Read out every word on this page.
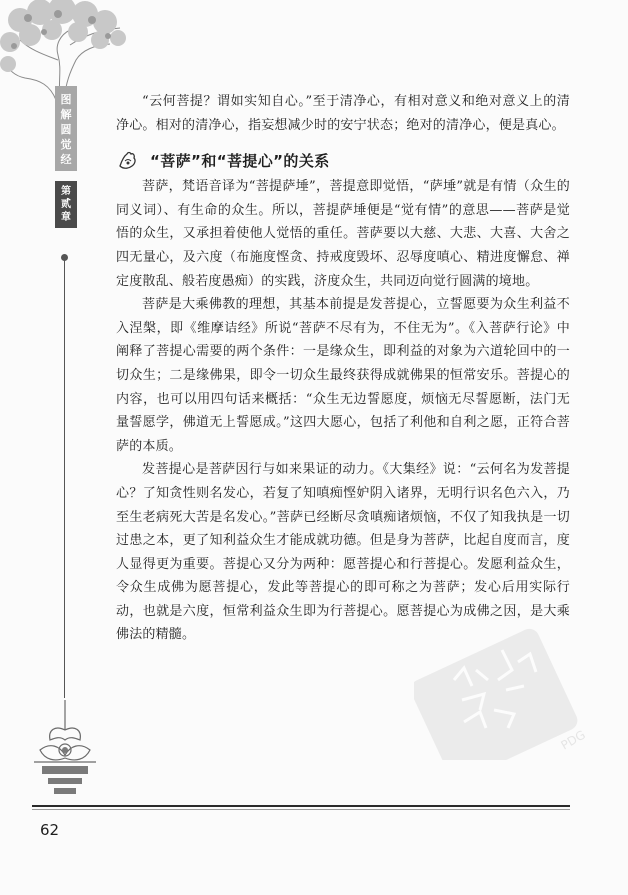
图
解
圆
觉
经
第
贰
章

“云何菩提？谓如实知自心。”至于清净心，有相对意义和绝对意义上的清净心。相对的清净心，指妄想减少时的安宁状态；绝对的清净心，便是真心。

“菩萨”和“菩提心”的关系

菩萨，梵语音译为“菩提萨埵”，菩提意即觉悟，“萨埵”就是有情（众生的同义词）、有生命的众生。所以，菩提萨埵便是“觉有情”的意思——菩萨是觉悟的众生，又承担着使他人觉悟的重任。菩萨要以大慈、大悲、大喜、大舍之四无量心，及六度（布施度悭贪、持戒度毁坏、忍辱度嗔心、精进度懈怠、禅定度散乱、般若度愚痴）的实践，济度众生，共同迈向觉行圆满的境地。

菩萨是大乘佛教的理想，其基本前提是发菩提心，立誓愿要为众生利益不入涅槃，即《维摩诘经》所说“菩萨不尽有为，不住无为”。《入菩萨行论》中阐释了菩提心需要的两个条件：一是缘众生，即利益的对象为六道轮回中的一切众生；二是缘佛果，即令一切众生最终获得成就佛果的恒常安乐。菩提心的内容，也可以用四句话来概括：“众生无边誓愿度，烦恼无尽誓愿断，法门无量誓愿学，佛道无上誓愿成。”这四大愿心，包括了利他和自利之愿，正符合菩萨的本质。

发菩提心是菩萨因行与如来果证的动力。《大集经》说：“云何名为发菩提心？了知贪性则名发心，若复了知嗔痴悭妒阴入诸界，无明行识名色六入，乃至生老病死大苦是名发心。”菩萨已经断尽贪嗔痴诸烦恼，不仅了知我执是一切过患之本，更了知利益众生才能成就功德。但是身为菩萨，比起自度而言，度人显得更为重要。菩提心又分为两种：愿菩提心和行菩提心。发愿利益众生，令众生成佛为愿菩提心，发此等菩提心的即可称之为菩萨；发心后用实际行动，也就是六度，恒常利益众生即为行菩提心。愿菩提心为成佛之因，是大乘佛法的精髓。

PDG
62
